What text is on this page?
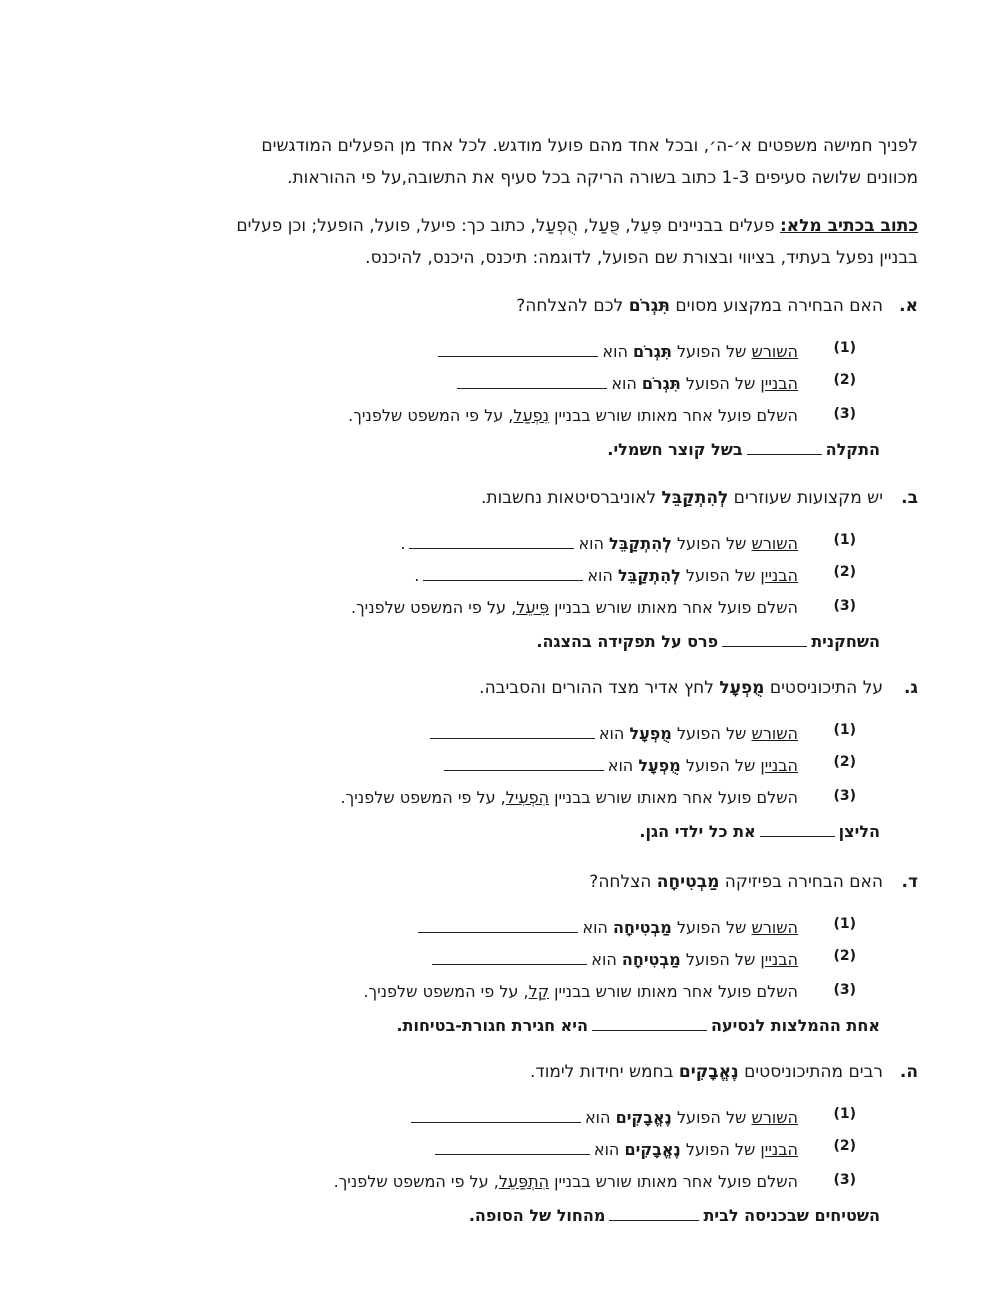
לפניך חמישה משפטים א׳-ה׳, ובכל אחד מהם פועל מודגש. לכל אחד מן הפעלים המודגשים
מכוונים שלושה סעיפים 1-3 כתוב בשורה הריקה בכל סעיף את התשובה,על פי ההוראות.
כתוב בכתיב מלא: פעלים בבניינים פִּעֵל, פֻּעַל, הֻפְעַל, כתוב כך: פיעל, פועל, הופעל; וכן פעלים
בבניין נפעל בעתיד, בציווי ובצורת שם הפועל, לדוגמה: תיכנס, היכנס, להיכנס.
א.
האם הבחירה במקצוע מסוים תִּגְרֹם לכם להצלחה?
(1)
השורש של הפועל תִּגְרֹם הוא
(2)
הבניין של הפועל תִּגְרֹם הוא
(3)
השלם פועל אחר מאותו שורש בבניין נִפְעַל, על פי המשפט שלפניך.
התקלהבשל קוצר חשמלי.
ב.
יש מקצועות שעוזרים לְהִתְקַבֵּל לאוניברסיטאות נחשבות.
(1)
השורש של הפועל לְהִתְקַבֵּל הוא.
(2)
הבניין של הפועל לְהִתְקַבֵּל הוא.
(3)
השלם פועל אחר מאותו שורש בבניין פִּיעֵל, על פי המשפט שלפניך.
השחקניתפרס על תפקידה בהצגה.
ג.
על התיכוניסטים מֻפְעָל לחץ אדיר מצד ההורים והסביבה.
(1)
השורש של הפועל מֻפְעָל הוא
(2)
הבניין של הפועל מֻפְעָל הוא
(3)
השלם פועל אחר מאותו שורש בבניין הִפְעִיל, על פי המשפט שלפניך.
הליצןאת כל ילדי הגן.
ד.
האם הבחירה בפיזיקה מַבְטִיחָה הצלחה?
(1)
השורש של הפועל מַבְטִיחָה הוא
(2)
הבניין של הפועל מַבְטִיחָה הוא
(3)
השלם פועל אחר מאותו שורש בבניין קַל, על פי המשפט שלפניך.
אחת ההמלצות לנסיעההיא חגירת חגורת-בטיחות.
ה.
רבים מהתיכוניסטים נֶאֱבָקִים בחמש יחידות לימוד.
(1)
השורש של הפועל נֶאֱבָקִים הוא
(2)
הבניין של הפועל נֶאֱבָקִים הוא
(3)
השלם פועל אחר מאותו שורש בבניין הִתְפַּעֵל, על פי המשפט שלפניך.
השטיחים שבכניסה לביתמהחול של הסופה.
